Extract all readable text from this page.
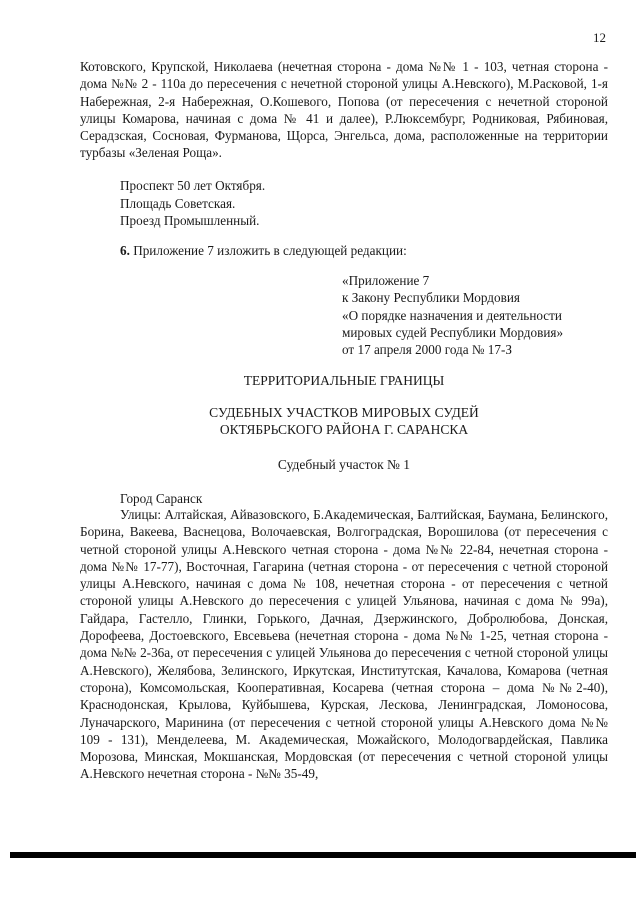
12

Котовского, Крупской, Николаева (нечетная сторона - дома №№ 1 - 103, четная сторона - дома №№ 2 - 110а до пересечения с нечетной стороной улицы А.Невского), М.Расковой, 1-я Набережная, 2-я Набережная, О.Кошевого, Попова (от пересечения с нечетной стороной улицы Комарова, начиная с дома № 41 и далее), Р.Люксембург, Родниковая, Рябиновая, Серадзская, Сосновая, Фурманова, Щорса, Энгельса, дома, расположенные на территории турбазы «Зеленая Роща».

Проспект 50 лет Октября.
Площадь Советская.
Проезд Промышленный.
6. Приложение 7 изложить в следующей редакции:
«Приложение 7
к Закону Республики Мордовия
«О порядке назначения и деятельности
мировых судей Республики Мордовия»
от 17 апреля 2000 года № 17-З
ТЕРРИТОРИАЛЬНЫЕ ГРАНИЦЫ
СУДЕБНЫХ УЧАСТКОВ МИРОВЫХ СУДЕЙ
ОКТЯБРЬСКОГО РАЙОНА Г. САРАНСКА
Судебный участок № 1
Город Саранск

Улицы: Алтайская, Айвазовского, Б.Академическая, Балтийская, Баумана, Белинского, Борина, Вакеева, Васнецова, Волочаевская, Волгоградская, Ворошилова (от пересечения с четной стороной улицы А.Невского четная сторона - дома №№ 22-84, нечетная сторона - дома №№ 17-77), Восточная, Гагарина (четная сторона - от пересечения с четной стороной улицы А.Невского, начиная с дома № 108, нечетная сторона - от пересечения с четной стороной улицы А.Невского до пересечения с улицей Ульянова, начиная с дома № 99а), Гайдара, Гастелло, Глинки, Горького, Дачная, Дзержинского, Добролюбова, Донская, Дорофеева, Достоевского, Евсевьева (нечетная сторона - дома №№ 1-25, четная сторона - дома №№ 2-36а, от пересечения с улицей Ульянова до пересечения с четной стороной улицы А.Невского), Желябова, Зелинского, Иркутская, Институтская, Качалова, Комарова (четная сторона), Комсомольская, Кооперативная, Косарева (четная сторона – дома №№2-40), Краснодонская, Крылова, Куйбышева, Курская, Лескова, Ленинградская, Ломоносова, Луначарского, Маринина (от пересечения с четной стороной улицы А.Невского дома №№ 109 - 131), Менделеева, М. Академическая, Можайского, Молодогвардейская, Павлика Морозова, Минская, Мокшанская, Мордовская (от пересечения с четной стороной улицы А.Невского нечетная сторона - №№ 35-49,
